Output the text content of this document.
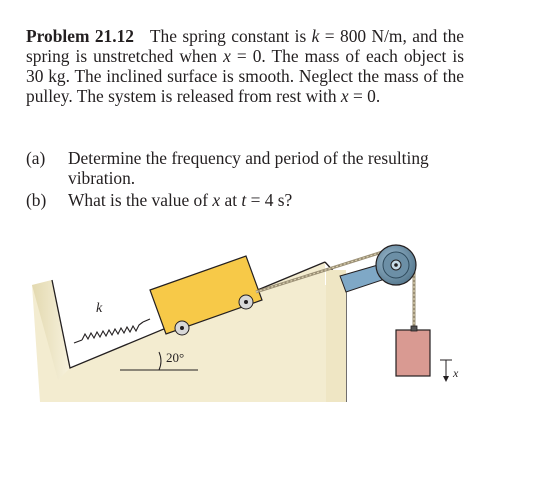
Problem 21.12 The spring constant is k = 800 N/m, and the spring is unstretched when x = 0. The mass of each object is 30 kg. The inclined surface is smooth. Neglect the mass of the pulley. The system is released from rest with x = 0.
(a)	Determine the frequency and period of the resulting vibration.
(b)	What is the value of x at t = 4 s?
20°
k
x
